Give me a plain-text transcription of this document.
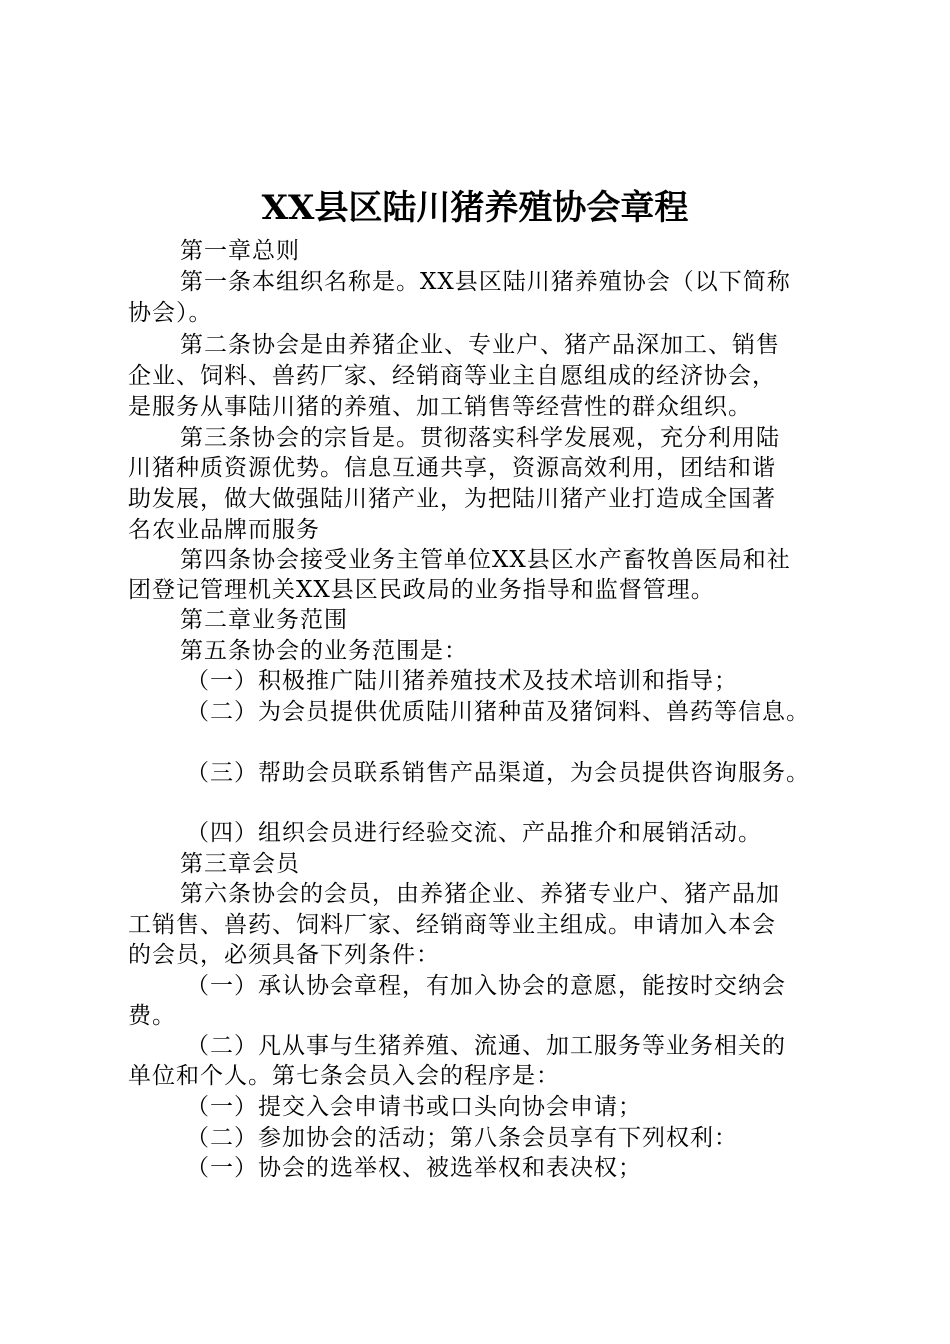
XX县区陆川猪养殖协会章程
第一章总则
第一条本组织名称是。XX县区陆川猪养殖协会（以下简称
协会）。
第二条协会是由养猪企业、专业户、猪产品深加工、销售
企业、饲料、兽药厂家、经销商等业主自愿组成的经济协会，
是服务从事陆川猪的养殖、加工销售等经营性的群众组织。
第三条协会的宗旨是。贯彻落实科学发展观，充分利用陆
川猪种质资源优势。信息互通共享，资源高效利用，团结和谐
助发展，做大做强陆川猪产业，为把陆川猪产业打造成全国著
名农业品牌而服务
第四条协会接受业务主管单位XX县区水产畜牧兽医局和社
团登记管理机关XX县区民政局的业务指导和监督管理。
第二章业务范围
第五条协会的业务范围是：
（一）积极推广陆川猪养殖技术及技术培训和指导；
（二）为会员提供优质陆川猪种苗及猪饲料、兽药等信息。
（三）帮助会员联系销售产品渠道，为会员提供咨询服务。
（四）组织会员进行经验交流、产品推介和展销活动。
第三章会员
第六条协会的会员，由养猪企业、养猪专业户、猪产品加
工销售、兽药、饲料厂家、经销商等业主组成。申请加入本会
的会员，必须具备下列条件：
（一）承认协会章程，有加入协会的意愿，能按时交纳会
费。
（二）凡从事与生猪养殖、流通、加工服务等业务相关的
单位和个人。第七条会员入会的程序是：
（一）提交入会申请书或口头向协会申请；
（二）参加协会的活动；第八条会员享有下列权利：
（一）协会的选举权、被选举权和表决权；
